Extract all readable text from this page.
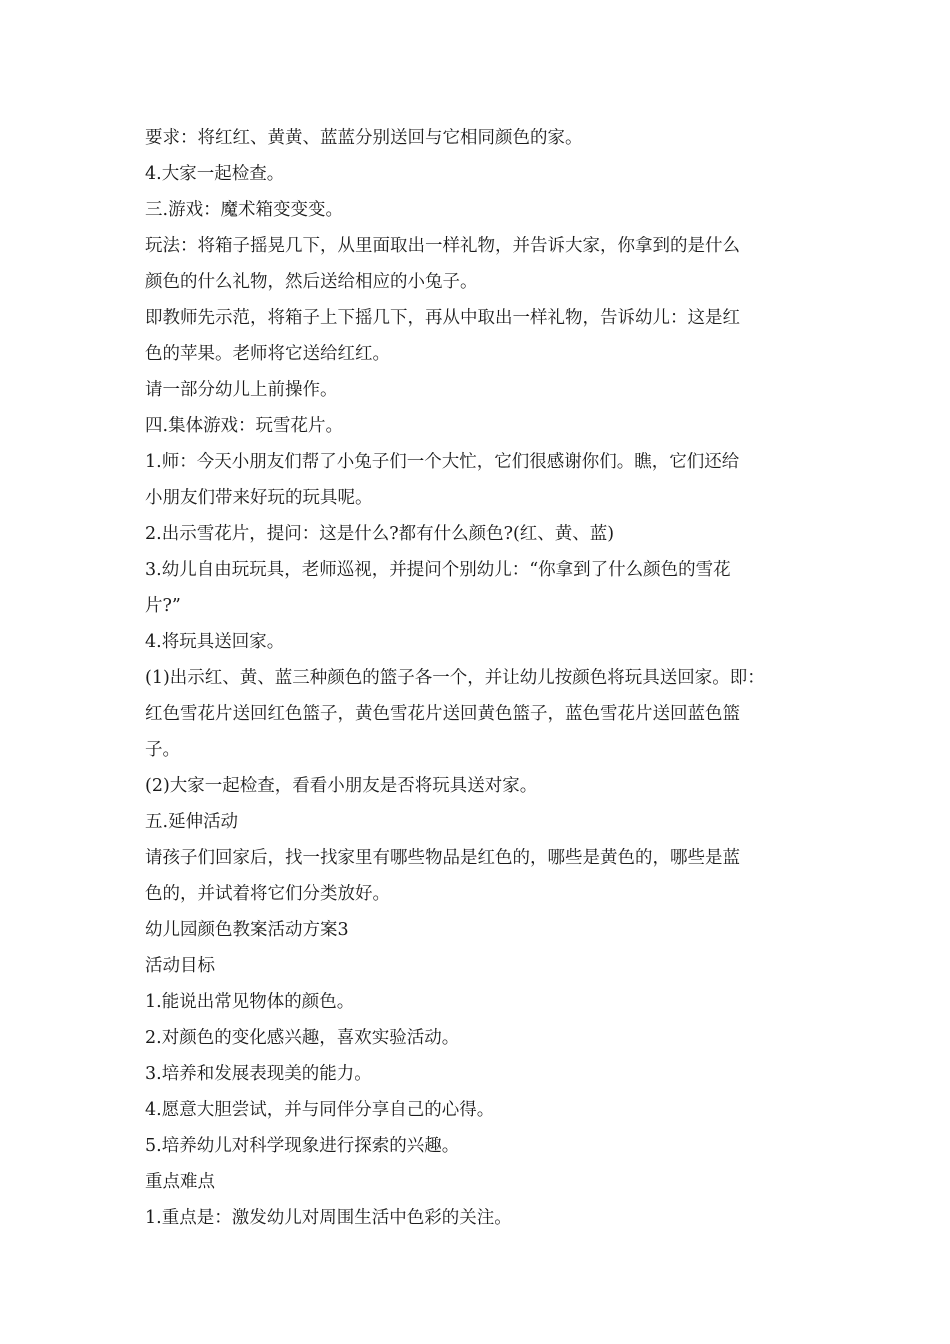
要求：将红红、黄黄、蓝蓝分别送回与它相同颜色的家。
4.大家一起检查。
三.游戏：魔术箱变变变。
玩法：将箱子摇晃几下，从里面取出一样礼物，并告诉大家，你拿到的是什么
颜色的什么礼物，然后送给相应的小兔子。
即教师先示范，将箱子上下摇几下，再从中取出一样礼物，告诉幼儿：这是红
色的苹果。老师将它送给红红。
请一部分幼儿上前操作。
四.集体游戏：玩雪花片。
1.师：今天小朋友们帮了小兔子们一个大忙，它们很感谢你们。瞧，它们还给
小朋友们带来好玩的玩具呢。
2.出示雪花片，提问：这是什么?都有什么颜色?(红、黄、蓝)
3.幼儿自由玩玩具，老师巡视，并提问个别幼儿：“你拿到了什么颜色的雪花
片?”
4.将玩具送回家。
(1)出示红、黄、蓝三种颜色的篮子各一个，并让幼儿按颜色将玩具送回家。即：
红色雪花片送回红色篮子，黄色雪花片送回黄色篮子，蓝色雪花片送回蓝色篮
子。
(2)大家一起检查，看看小朋友是否将玩具送对家。
五.延伸活动
请孩子们回家后，找一找家里有哪些物品是红色的，哪些是黄色的，哪些是蓝
色的，并试着将它们分类放好。
幼儿园颜色教案活动方案3
活动目标
1.能说出常见物体的颜色。
2.对颜色的变化感兴趣，喜欢实验活动。
3.培养和发展表现美的能力。
4.愿意大胆尝试，并与同伴分享自己的心得。
5.培养幼儿对科学现象进行探索的兴趣。
重点难点
1.重点是：激发幼儿对周围生活中色彩的关注。
